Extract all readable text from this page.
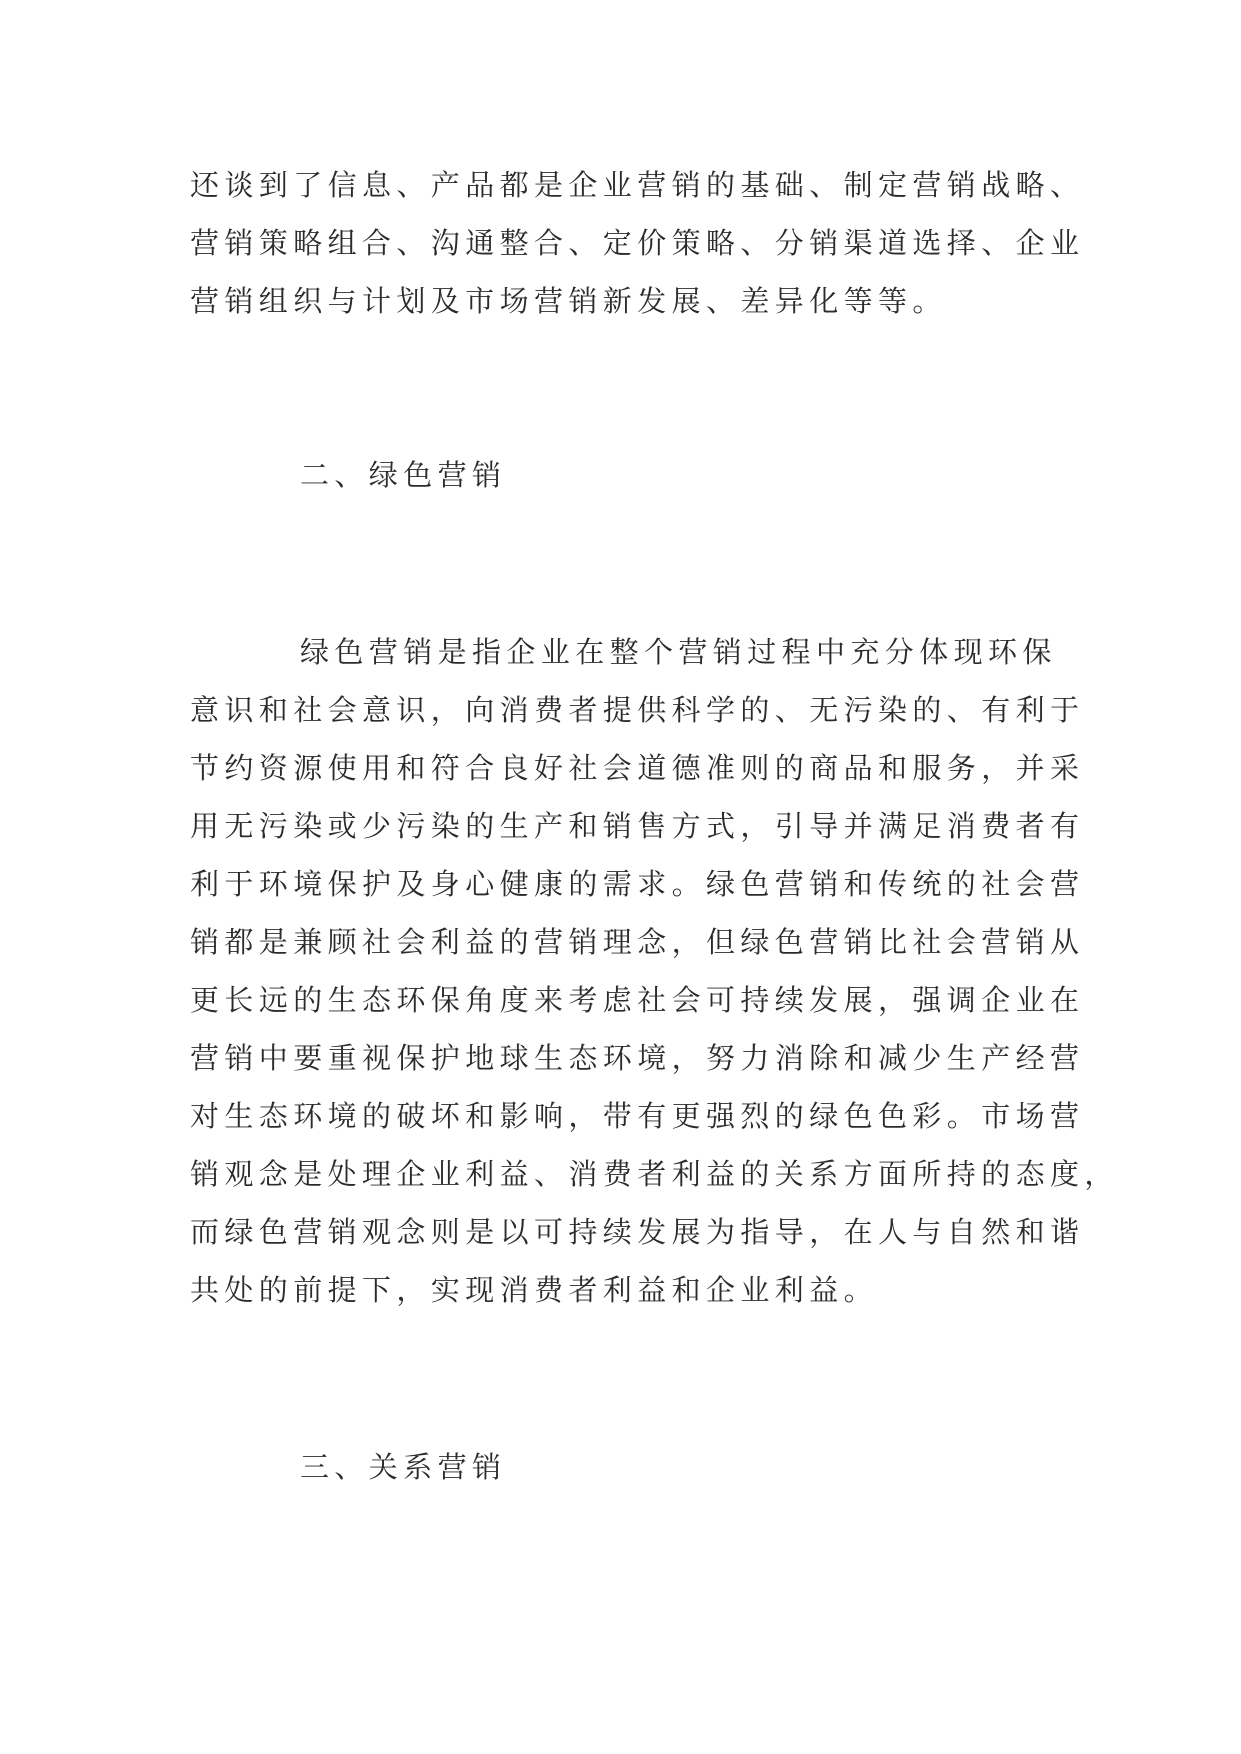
还谈到了信息、产品都是企业营销的基础、制定营销战略、
营销策略组合、沟通整合、定价策略、分销渠道选择、企业
营销组织与计划及市场营销新发展、差异化等等。
二、绿色营销
绿色营销是指企业在整个营销过程中充分体现环保
意识和社会意识，向消费者提供科学的、无污染的、有利于
节约资源使用和符合良好社会道德准则的商品和服务，并采
用无污染或少污染的生产和销售方式，引导并满足消费者有
利于环境保护及身心健康的需求。绿色营销和传统的社会营
销都是兼顾社会利益的营销理念，但绿色营销比社会营销从
更长远的生态环保角度来考虑社会可持续发展，强调企业在
营销中要重视保护地球生态环境，努力消除和减少生产经营
对生态环境的破坏和影响，带有更强烈的绿色色彩。市场营
销观念是处理企业利益、消费者利益的关系方面所持的态度，
而绿色营销观念则是以可持续发展为指导，在人与自然和谐
共处的前提下，实现消费者利益和企业利益。
三、关系营销
